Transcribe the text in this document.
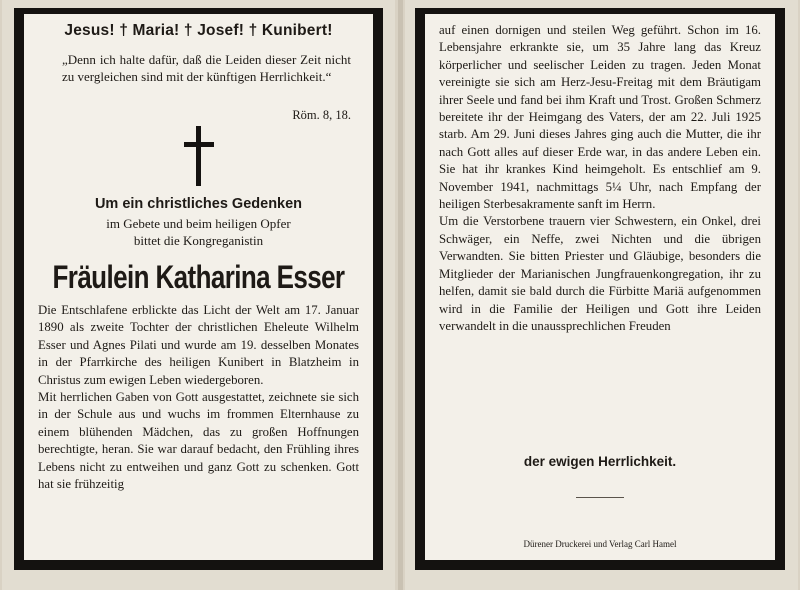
Jesus! † Maria! † Josef! † Kunibert!
„Denn ich halte dafür, daß die Leiden dieser Zeit nicht zu vergleichen sind mit der künftigen Herrlichkeit.“
Röm. 8, 18.
Um ein christliches Gedenken
im Gebete und beim heiligen Opfer
bittet die Kongreganistin
Fräulein Katharina Esser

Die Entschlafene erblickte das Licht der Welt am 17. Januar 1890 als zweite Tochter der christlichen Eheleute Wilhelm Esser und Agnes Pilati und wurde am 19. desselben Monates in der Pfarrkirche des heiligen Kunibert in Blatzheim in Christus zum ewigen Leben wiedergeboren.

Mit herrlichen Gaben von Gott ausgestattet, zeichnete sie sich in der Schule aus und wuchs im frommen Elternhause zu einem blühenden Mädchen, das zu großen Hoffnungen berechtigte, heran. Sie war darauf bedacht, den Frühling ihres Lebens nicht zu entweihen und ganz Gott zu schenken. Gott hat sie frühzeitig

auf einen dornigen und steilen Weg geführt. Schon im 16. Lebensjahre erkrankte sie, um 35 Jahre lang das Kreuz körperlicher und seelischer Leiden zu tragen. Jeden Monat vereinigte sie sich am Herz-Jesu-Freitag mit dem Bräutigam ihrer Seele und fand bei ihm Kraft und Trost. Großen Schmerz bereitete ihr der Heimgang des Vaters, der am 22. Juli 1925 starb. Am 29. Juni dieses Jahres ging auch die Mutter, die ihr nach Gott alles auf dieser Erde war, in das andere Leben ein. Sie hat ihr krankes Kind heimgeholt. Es entschlief am 9. November 1941, nachmittags 5¼ Uhr, nach Empfang der heiligen Sterbesakramente sanft im Herrn.

Um die Verstorbene trauern vier Schwestern, ein Onkel, drei Schwäger, ein Neffe, zwei Nichten und die übrigen Verwandten. Sie bitten Priester und Gläubige, besonders die Mitglieder der Marianischen Jungfrauenkongregation, ihr zu helfen, damit sie bald durch die Fürbitte Mariä aufgenommen wird in die Familie der Heiligen und Gott ihre Leiden verwandelt in die unaussprechlichen Freuden

der ewigen Herrlichkeit.
Dürener Druckerei und Verlag Carl Hamel
